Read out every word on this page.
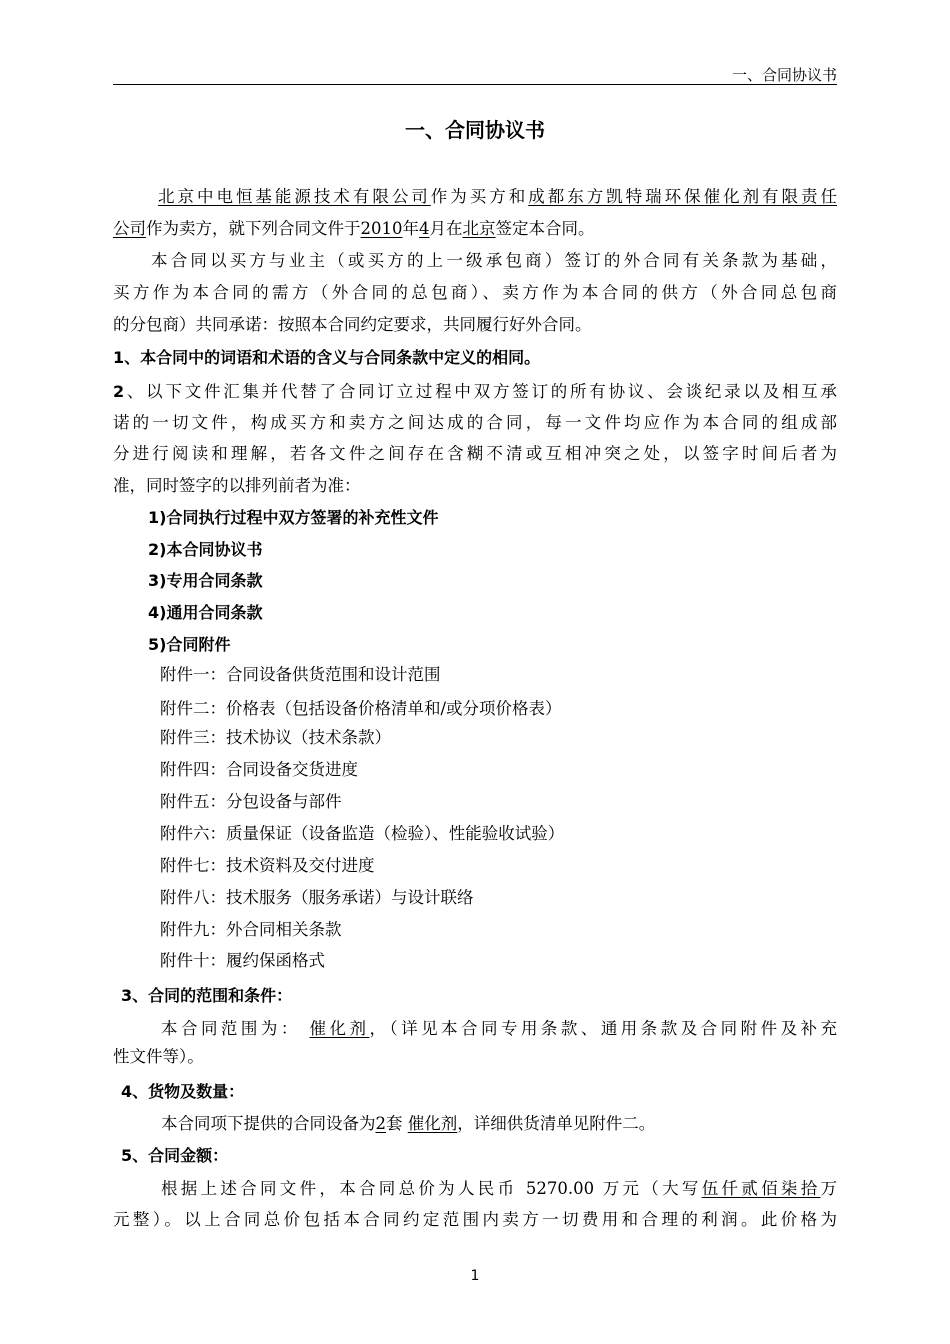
一、合同协议书
一、合同协议书
北京中电恒基能源技术有限公司作为买方和成都东方凯特瑞环保催化剂有限责任
公司作为卖方，就下列合同文件于2010年4月在北京签定本合同。
本合同以买方与业主（或买方的上一级承包商）签订的外合同有关条款为基础，
买方作为本合同的需方（外合同的总包商）、卖方作为本合同的供方（外合同总包商
的分包商）共同承诺：按照本合同约定要求，共同履行好外合同。
1、本合同中的词语和术语的含义与合同条款中定义的相同。
2、以下文件汇集并代替了合同订立过程中双方签订的所有协议、会谈纪录以及相互承
诺的一切文件，构成买方和卖方之间达成的合同，每一文件均应作为本合同的组成部
分进行阅读和理解，若各文件之间存在含糊不清或互相冲突之处，以签字时间后者为
准，同时签字的以排列前者为准：
1)合同执行过程中双方签署的补充性文件
2)本合同协议书
3)专用合同条款
4)通用合同条款
5)合同附件
附件一：合同设备供货范围和设计范围
附件二：价格表（包括设备价格清单和/或分项价格表）
附件三：技术协议（技术条款）
附件四：合同设备交货进度
附件五：分包设备与部件
附件六：质量保证（设备监造（检验）、性能验收试验）
附件七：技术资料及交付进度
附件八：技术服务（服务承诺）与设计联络
附件九：外合同相关条款
附件十：履约保函格式
3、合同的范围和条件：
本合同范围为： 催化剂，（详见本合同专用条款、通用条款及合同附件及补充
性文件等）。
4、货物及数量：
本合同项下提供的合同设备为2套 催化剂，详细供货清单见附件二。
5、合同金额：
根据上述合同文件，本合同总价为人民币 5270.00 万元（大写伍仟贰佰柒拾万
元整）。以上合同总价包括本合同约定范围内卖方一切费用和合理的利润。此价格为
1
